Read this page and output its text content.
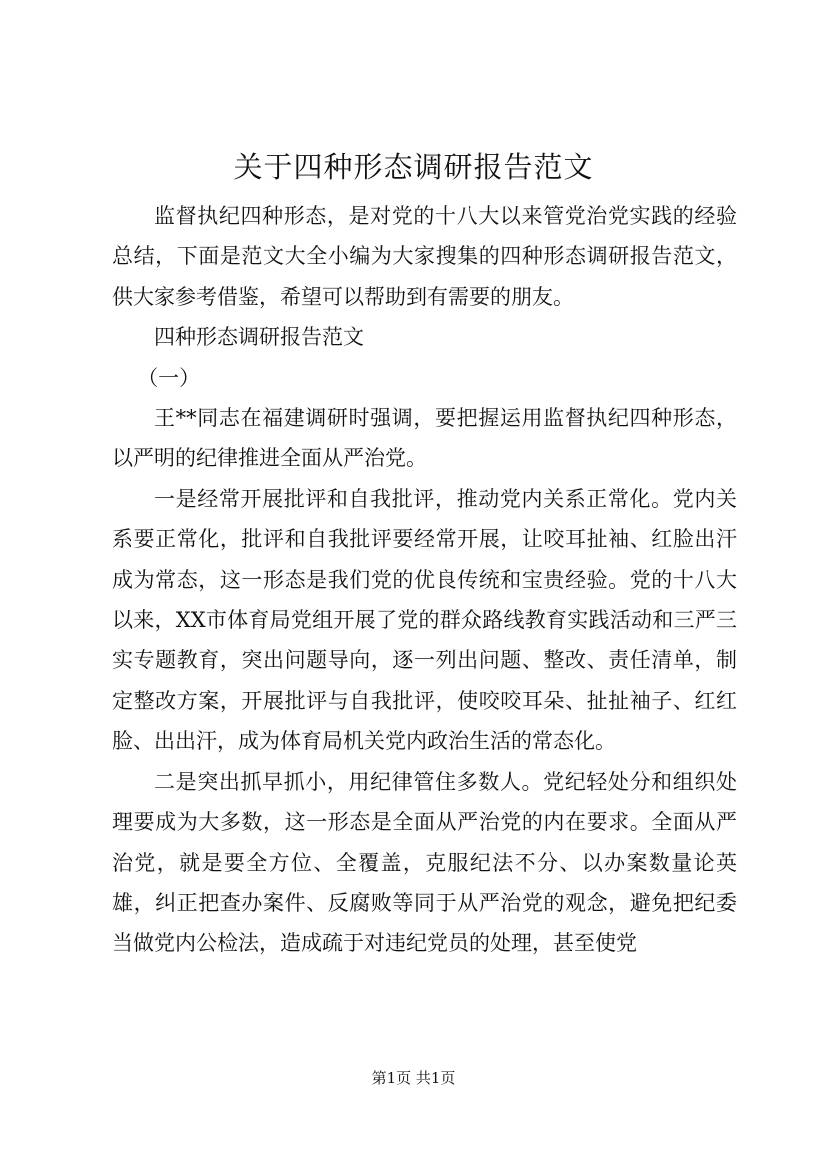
关于四种形态调研报告范文

监督执纪四种形态，是对党的十八大以来管党治党实践的经验总结，下面是范文大全小编为大家搜集的四种形态调研报告范文，供大家参考借鉴，希望可以帮助到有需要的朋友。

四种形态调研报告范文

（一）

王**同志在福建调研时强调，要把握运用监督执纪四种形态，以严明的纪律推进全面从严治党。

一是经常开展批评和自我批评，推动党内关系正常化。党内关系要正常化，批评和自我批评要经常开展，让咬耳扯袖、红脸出汗成为常态，这一形态是我们党的优良传统和宝贵经验。党的十八大以来，XX市体育局党组开展了党的群众路线教育实践活动和三严三实专题教育，突出问题导向，逐一列出问题、整改、责任清单，制定整改方案，开展批评与自我批评，使咬咬耳朵、扯扯袖子、红红脸、出出汗，成为体育局机关党内政治生活的常态化。

二是突出抓早抓小，用纪律管住多数人。党纪轻处分和组织处理要成为大多数，这一形态是全面从严治党的内在要求。全面从严治党，就是要全方位、全覆盖，克服纪法不分、以办案数量论英雄，纠正把查办案件、反腐败等同于从严治党的观念，避免把纪委当做党内公检法，造成疏于对违纪党员的处理，甚至使党

第1页 共1页
